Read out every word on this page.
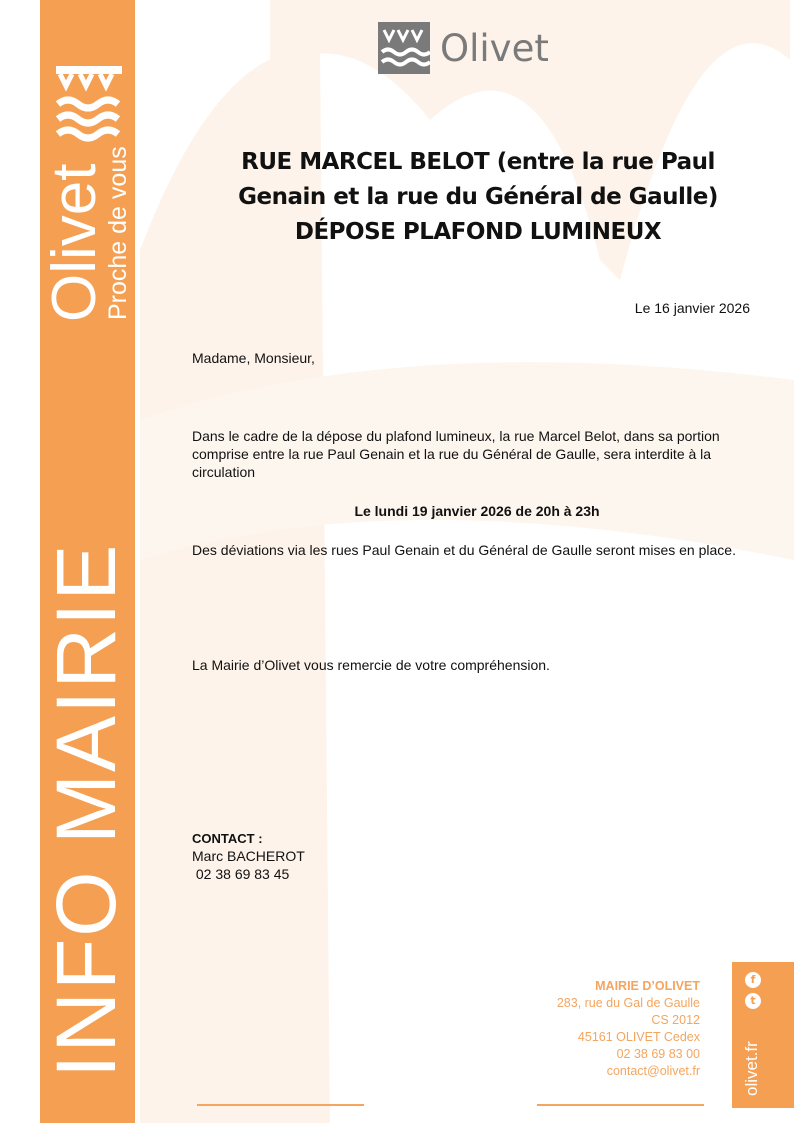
Olivet
Proche de vous
INFO MAIRIE
Olivet
RUE MARCEL BELOT (entre la rue Paul
Genain et la rue du Général de Gaulle)
DÉPOSE PLAFOND LUMINEUX
Le 16 janvier 2026
Madame, Monsieur,
Dans le cadre de la dépose du plafond lumineux, la rue Marcel Belot, dans sa portion comprise entre la rue Paul Genain et la rue du Général de Gaulle, sera interdite à la circulation
Le lundi 19 janvier 2026 de 20h à 23h
Des déviations via les rues Paul Genain et du Général de Gaulle seront mises en place.
La Mairie d’Olivet vous remercie de votre compréhension.
CONTACT :
Marc BACHEROT
02 38 69 83 45
MAIRIE D’OLIVET
283, rue du Gal de Gaulle
CS 2012
45161 OLIVET Cedex
02 38 69 83 00
contact@olivet.fr
f
t
olivet.fr
